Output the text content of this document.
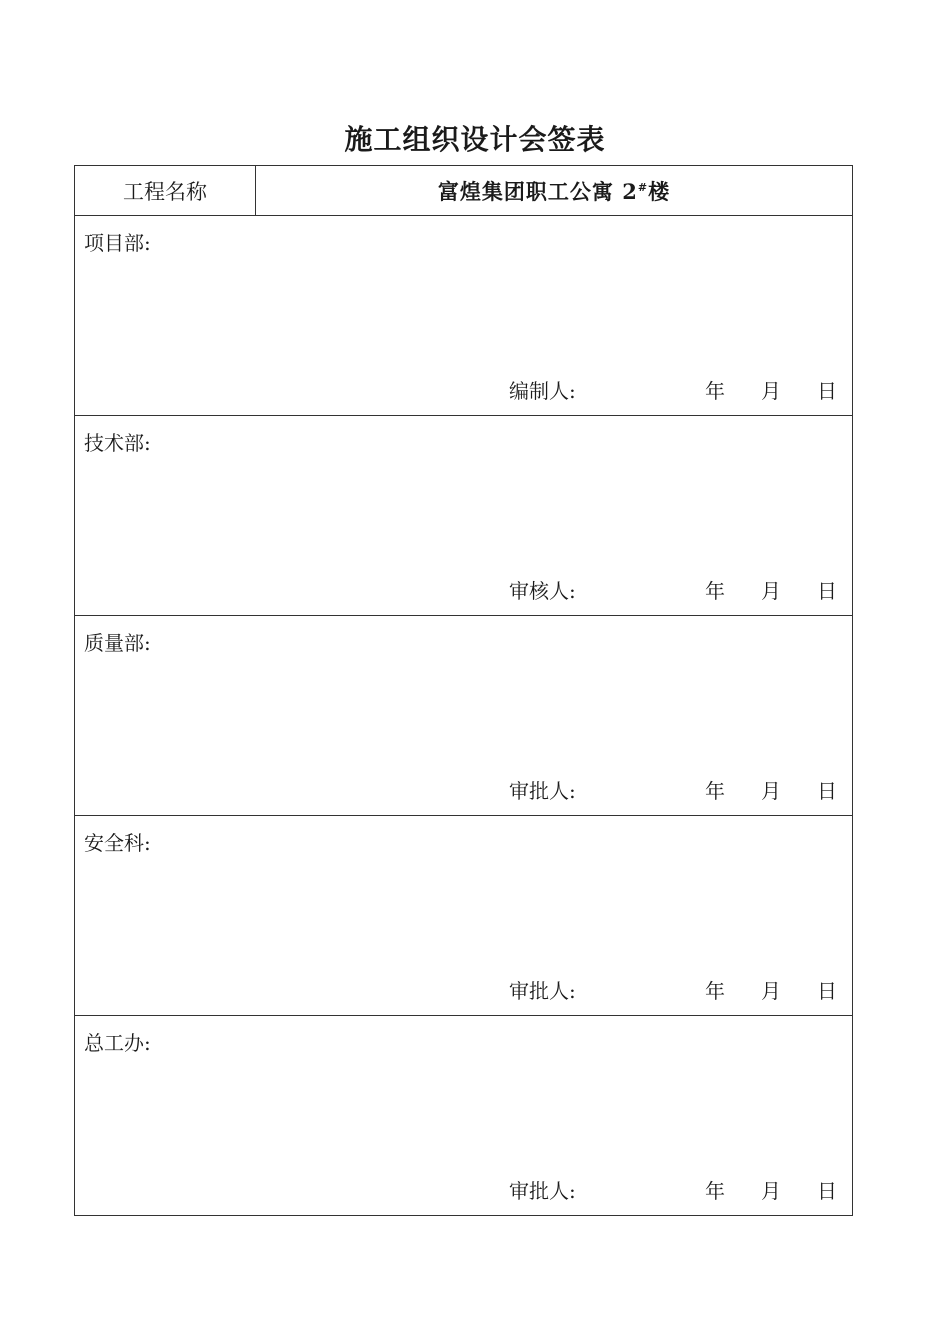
施工组织设计会签表
工程名称	富煌集团职工公寓 2#楼

项目部:
编制人:	年 月 日

技术部:
审核人:	年 月 日

质量部:
审批人:	年 月 日

安全科:
审批人:	年 月 日

总工办:
审批人:	年 月 日
